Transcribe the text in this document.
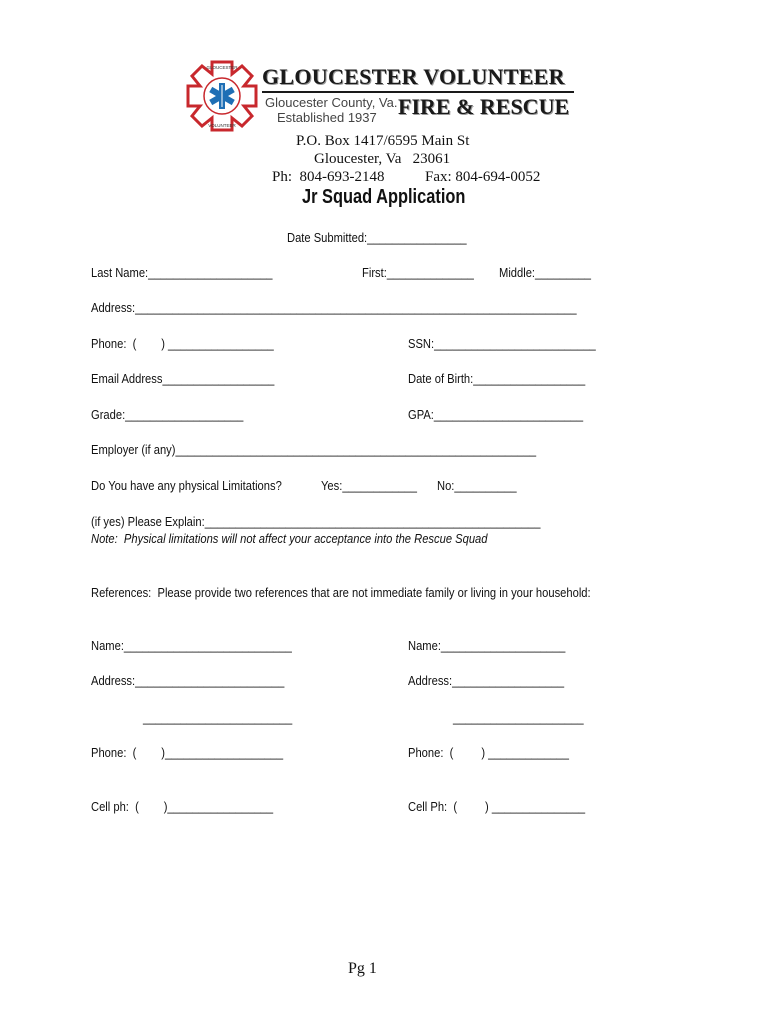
GLOUCESTER
VOLUNTEER
GLOUCESTER VOLUNTEER
Gloucester County, Va.
Established 1937 FIRE & RESCUE
P.O. Box 1417/6595 Main St
Gloucester, Va   23061
Ph:  804-693-2148	Fax: 804-694-0052
Jr Squad Application
Date Submitted:________________
Last Name:____________________	First:______________ Middle:_________
Address:_______________________________________________________________________
Phone:  (        ) _________________	SSN:__________________________
Email Address__________________	Date of Birth:__________________
Grade:___________________	GPA:________________________
Employer (if any)__________________________________________________________
Do You have any physical Limitations?	Yes:____________ No:__________
(if yes) Please Explain:______________________________________________________
Note:  Physical limitations will not affect your acceptance into the Rescue Squad
References:  Please provide two references that are not immediate family or living in your household:
Name:___________________________	Name:____________________
Address:________________________	Address:__________________
________________________	_____________________
Phone:  (        )___________________	Phone:  (         ) _____________
Cell ph:  (        )_________________	Cell Ph:  (         ) _______________
Pg 1
